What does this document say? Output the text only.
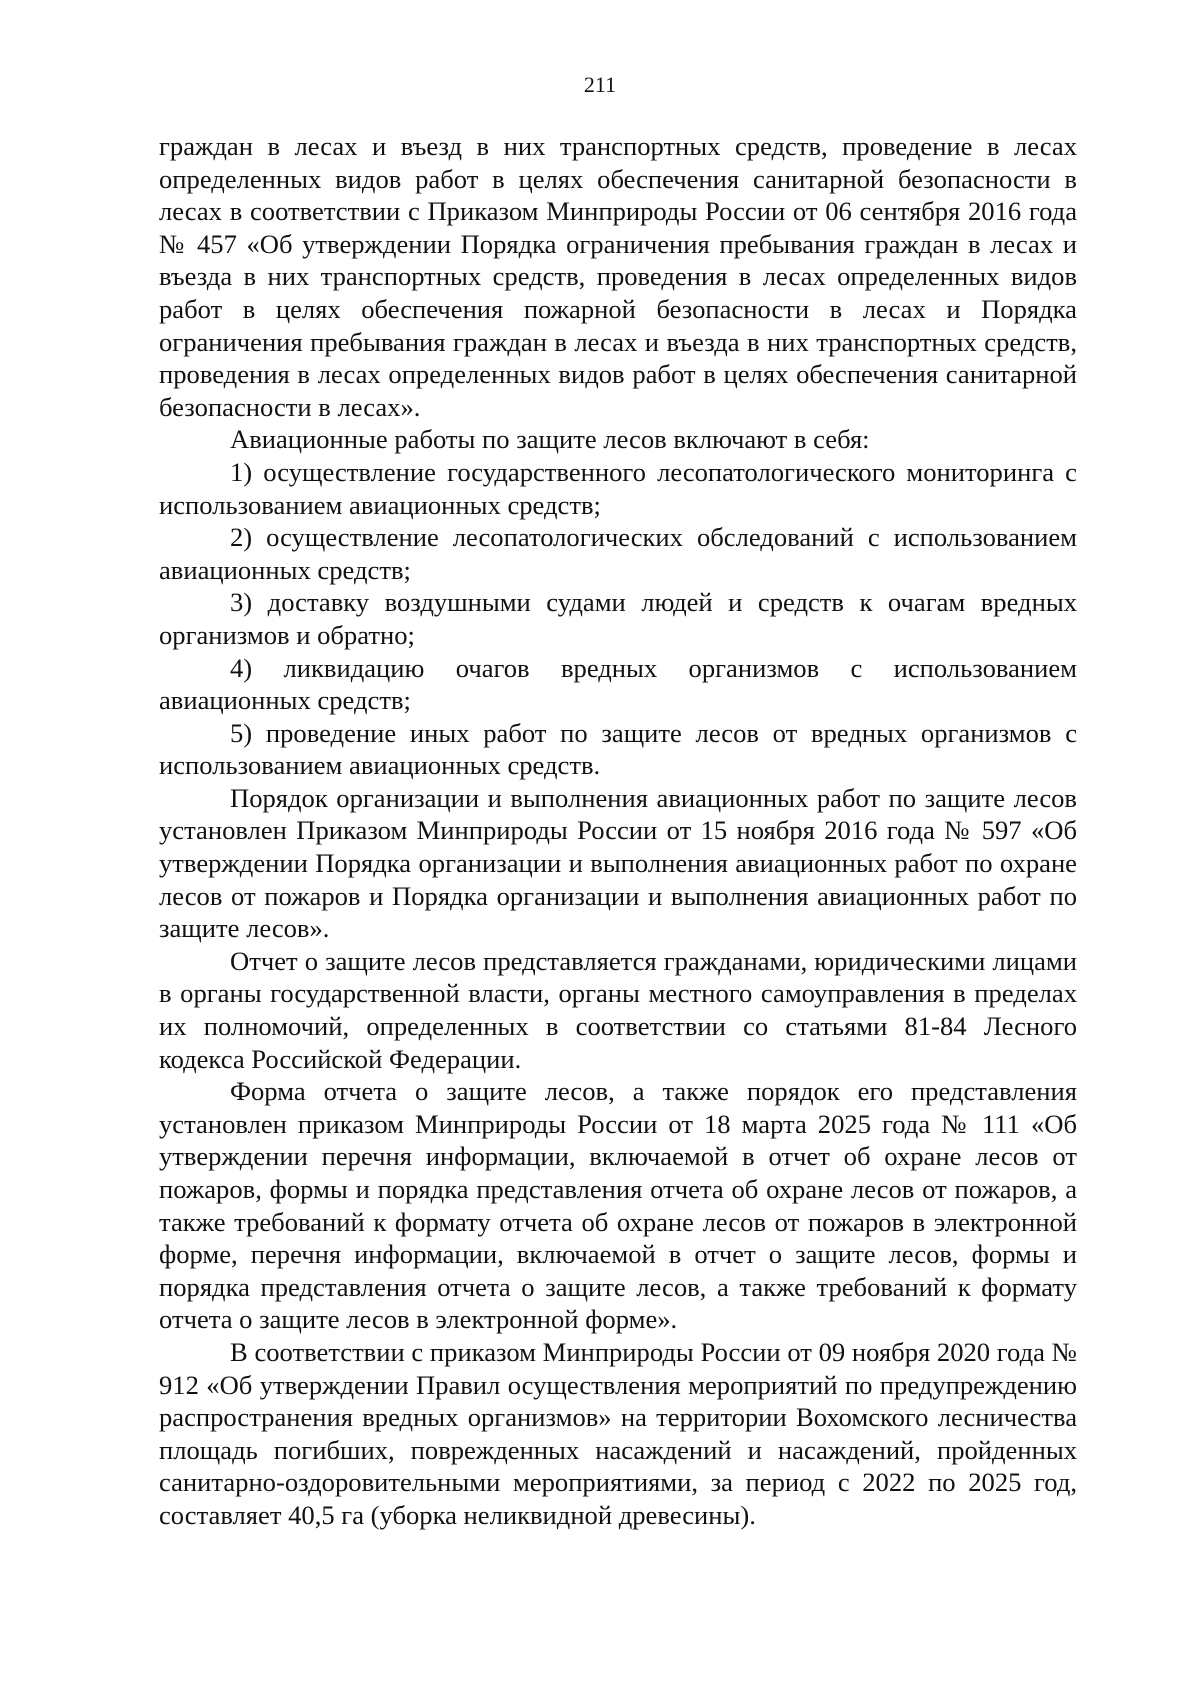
211

граждан в лесах и въезд в них транспортных средств, проведение в лесах определенных видов работ в целях обеспечения санитарной безопасности в лесах в соответствии с Приказом Минприроды России от 06 сентября 2016 года № 457 «Об утверждении Порядка ограничения пребывания граждан в лесах и въезда в них транспортных средств, проведения в лесах определенных видов работ в целях обеспечения пожарной безопасности в лесах и Порядка ограничения пребывания граждан в лесах и въезда в них транспортных средств, проведения в лесах определенных видов работ в целях обеспечения санитарной безопасности в лесах».

Авиационные работы по защите лесов включают в себя:

1) осуществление государственного лесопатологического мониторинга с использованием авиационных средств;

2) осуществление лесопатологических обследований с использованием авиационных средств;

3) доставку воздушными судами людей и средств к очагам вредных организмов и обратно;

4) ликвидацию очагов вредных организмов с использованием авиационных средств;

5) проведение иных работ по защите лесов от вредных организмов с использованием авиационных средств.

Порядок организации и выполнения авиационных работ по защите лесов установлен Приказом Минприроды России от 15 ноября 2016 года № 597 «Об утверждении Порядка организации и выполнения авиационных работ по охране лесов от пожаров и Порядка организации и выполнения авиационных работ по защите лесов».

Отчет о защите лесов представляется гражданами, юридическими лицами в органы государственной власти, органы местного самоуправления в пределах их полномочий, определенных в соответствии со статьями 81-84 Лесного кодекса Российской Федерации.

Форма отчета о защите лесов, а также порядок его представления установлен приказом Минприроды России от 18 марта 2025 года № 111 «Об утверждении перечня информации, включаемой в отчет об охране лесов от пожаров, формы и порядка представления отчета об охране лесов от пожаров, а также требований к формату отчета об охране лесов от пожаров в электронной форме, перечня информации, включаемой в отчет о защите лесов, формы и порядка представления отчета о защите лесов, а также требований к формату отчета о защите лесов в электронной форме».

В соответствии с приказом Минприроды России от 09 ноября 2020 года № 912 «Об утверждении Правил осуществления мероприятий по предупреждению распространения вредных организмов» на территории Вохомского лесничества площадь погибших, поврежденных насаждений и насаждений, пройденных санитарно-оздоровительными мероприятиями, за период с 2022 по 2025 год, составляет 40,5 га (уборка неликвидной древесины).
